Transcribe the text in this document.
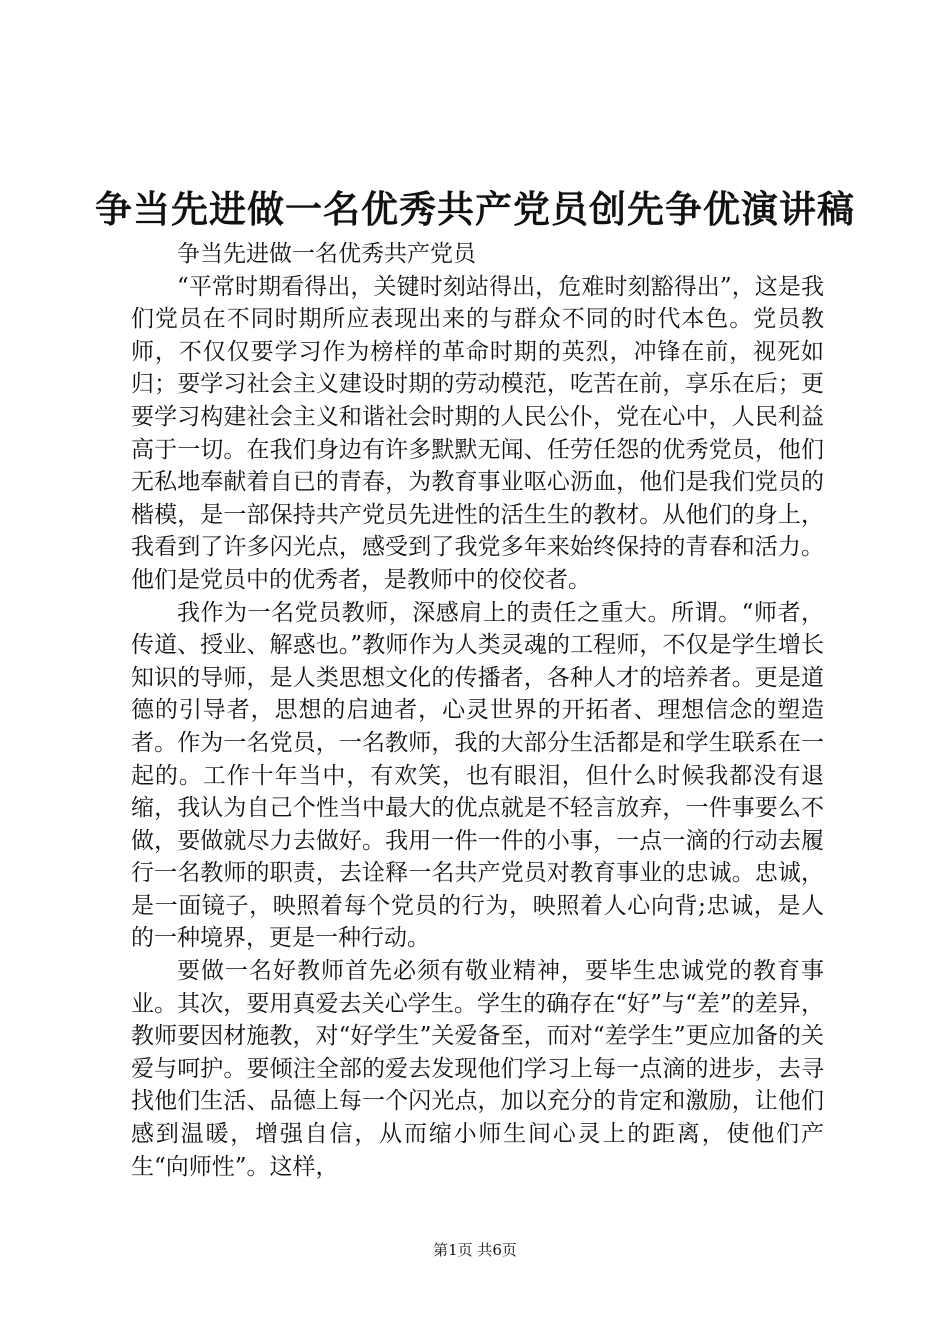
争当先进做一名优秀共产党员创先争优演讲稿

争当先进做一名优秀共产党员

“平常时期看得出，关键时刻站得出，危难时刻豁得出”，这是我们党员在不同时期所应表现出来的与群众不同的时代本色。党员教师，不仅仅要学习作为榜样的革命时期的英烈，冲锋在前，视死如归；要学习社会主义建设时期的劳动模范，吃苦在前，享乐在后；更要学习构建社会主义和谐社会时期的人民公仆，党在心中，人民利益高于一切。在我们身边有许多默默无闻、任劳任怨的优秀党员，他们无私地奉献着自已的青春，为教育事业呕心沥血，他们是我们党员的楷模，是一部保持共产党员先进性的活生生的教材。从他们的身上，我看到了许多闪光点，感受到了我党多年来始终保持的青春和活力。他们是党员中的优秀者，是教师中的佼佼者。

我作为一名党员教师，深感肩上的责任之重大。所谓。“师者，传道、授业、解惑也。”教师作为人类灵魂的工程师，不仅是学生增长知识的导师，是人类思想文化的传播者，各种人才的培养者。更是道德的引导者，思想的启迪者，心灵世界的开拓者、理想信念的塑造者。作为一名党员，一名教师，我的大部分生活都是和学生联系在一起的。工作十年当中，有欢笑，也有眼泪，但什么时候我都没有退缩，我认为自己个性当中最大的优点就是不轻言放弃，一件事要么不做，要做就尽力去做好。我用一件一件的小事，一点一滴的行动去履行一名教师的职责，去诠释一名共产党员对教育事业的忠诚。忠诚，是一面镜子，映照着每个党员的行为，映照着人心向背;忠诚，是人的一种境界，更是一种行动。

要做一名好教师首先必须有敬业精神，要毕生忠诚党的教育事业。其次，要用真爱去关心学生。学生的确存在“好”与“差”的差异，教师要因材施教，对“好学生”关爱备至，而对“差学生”更应加备的关爱与呵护。要倾注全部的爱去发现他们学习上每一点滴的进步，去寻找他们生活、品德上每一个闪光点，加以充分的肯定和激励，让他们感到温暖，增强自信，从而缩小师生间心灵上的距离，使他们产生“向师性”。这样，

第1页 共6页
